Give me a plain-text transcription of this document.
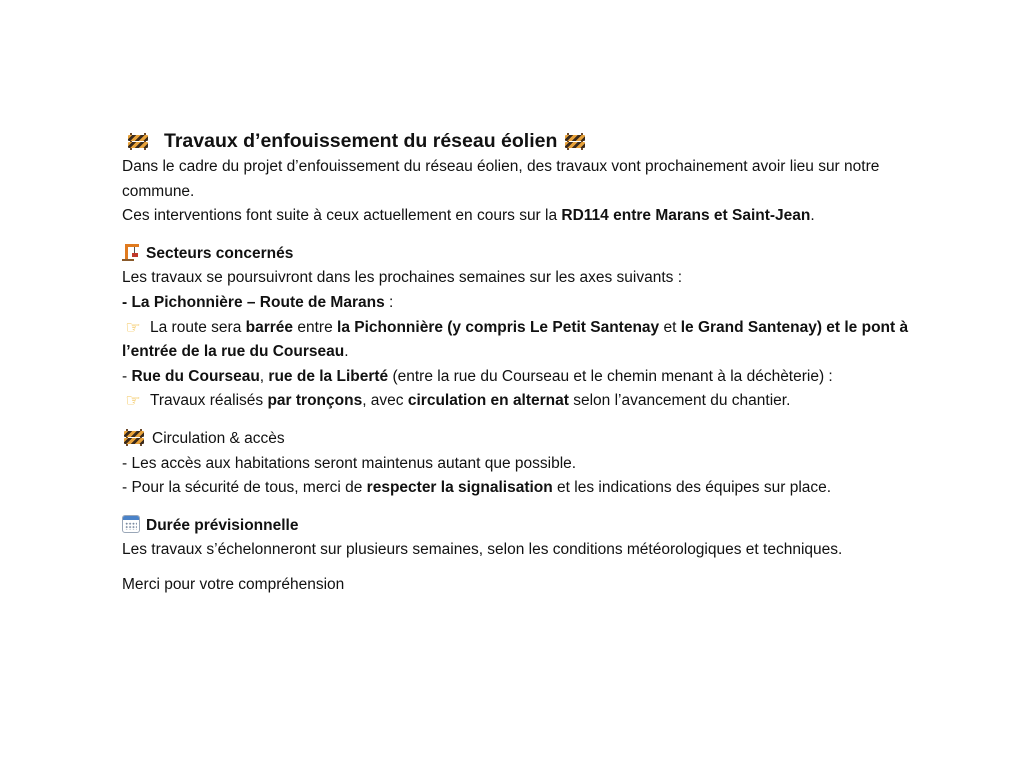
Travaux d’enfouissement du réseau éolien

Dans le cadre du projet d’enfouissement du réseau éolien, des travaux vont prochainement avoir lieu sur notre commune.

Ces interventions font suite à ceux actuellement en cours sur la RD114 entre Marans et Saint-Jean.

Secteurs concernés

Les travaux se poursuivront dans les prochaines semaines sur les axes suivants :

- La Pichonnière – Route de Marans :

☞ La route sera barrée entre la Pichonnière (y compris Le Petit Santenay et le Grand Santenay) et le pont à l’entrée de la rue du Courseau.

- Rue du Courseau, rue de la Liberté (entre la rue du Courseau et le chemin menant à la déchèterie) :

☞ Travaux réalisés par tronçons, avec circulation en alternat selon l’avancement du chantier.

Circulation & accès

- Les accès aux habitations seront maintenus autant que possible.

- Pour la sécurité de tous, merci de respecter la signalisation et les indications des équipes sur place.

Durée prévisionnelle

Les travaux s’échelonneront sur plusieurs semaines, selon les conditions météorologiques et techniques.

Merci pour votre compréhension
